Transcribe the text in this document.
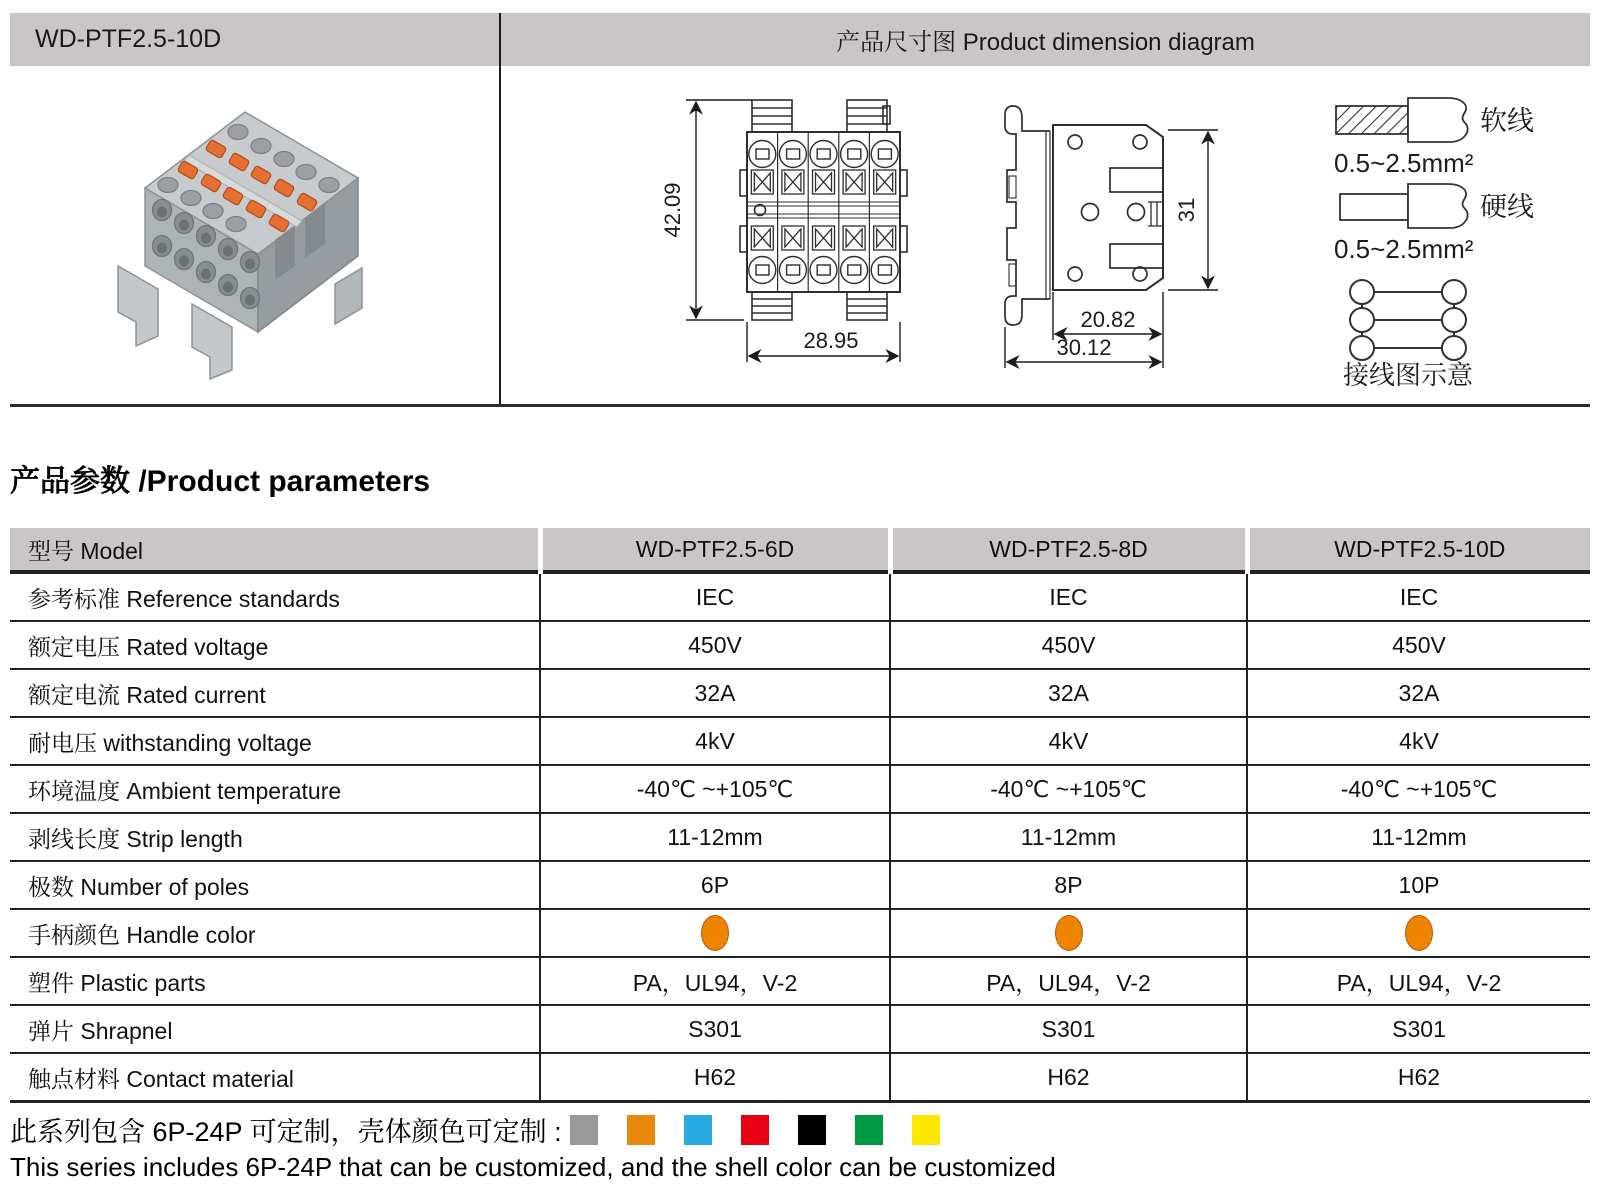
WD-PTF2.5-10D	产品尺寸图 Product dimension diagram
42.09
28.95
31
20.82
30.12
软线
0.5~2.5mm²
硬线
0.5~2.5mm²
接线图示意
产品参数 /Product parameters
型号 Model	WD-PTF2.5-6D	WD-PTF2.5-8D	WD-PTF2.5-10D
参考标准 Reference standards	IEC	IEC	IEC
额定电压 Rated voltage	450V	450V	450V
额定电流 Rated current	32A	32A	32A
耐电压 withstanding voltage	4kV	4kV	4kV
环境温度 Ambient temperature	-40℃ ~+105℃	-40℃ ~+105℃	-40℃ ~+105℃
剥线长度 Strip length	11-12mm	11-12mm	11-12mm
极数 Number of poles	6P	8P	10P
手柄颜色 Handle color			
塑件 Plastic parts	PA，UL94，V-2	PA，UL94，V-2	PA，UL94，V-2
弹片 Shrapnel	S301	S301	S301
触点材料 Contact material	H62	H62	H62
此系列包含 6P-24P 可定制，壳体颜色可定制 :
This series includes 6P-24P that can be customized, and the shell color can be customized
